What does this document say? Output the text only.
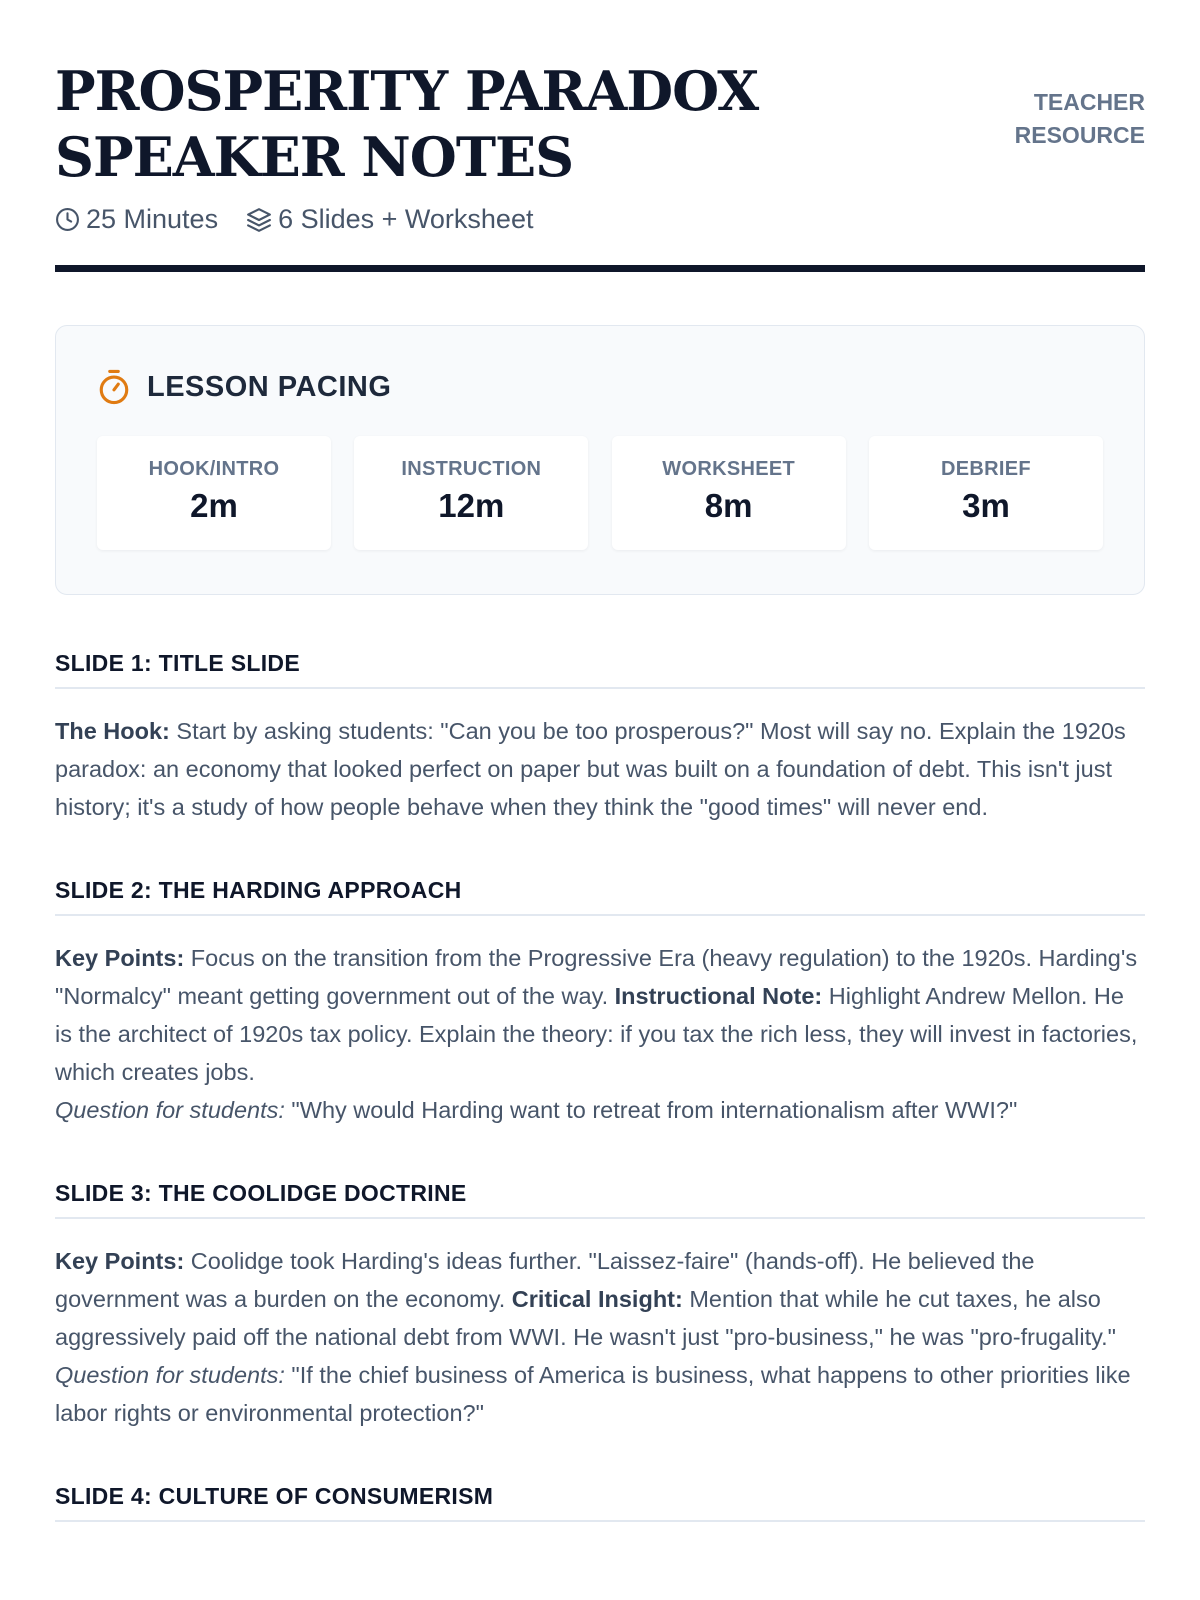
PROSPERITY PARADOX
SPEAKER NOTES
TEACHER
RESOURCE
25 Minutes 6 Slides + Worksheet
LESSON PACING
HOOK/INTRO
2m
INSTRUCTION
12m
WORKSHEET
8m
DEBRIEF
3m
SLIDE 1: TITLE SLIDE
The Hook: Start by asking students: "Can you be too prosperous?" Most will say no. Explain the 1920s paradox: an economy that looked perfect on paper but was built on a foundation of debt. This isn't just history; it's a study of how people behave when they think the "good times" will never end.
SLIDE 2: THE HARDING APPROACH
Key Points: Focus on the transition from the Progressive Era (heavy regulation) to the 1920s. Harding's "Normalcy" meant getting government out of the way. Instructional Note: Highlight Andrew Mellon. He is the architect of 1920s tax policy. Explain the theory: if you tax the rich less, they will invest in factories, which creates jobs.
Question for students: "Why would Harding want to retreat from internationalism after WWI?"
SLIDE 3: THE COOLIDGE DOCTRINE
Key Points: Coolidge took Harding's ideas further. "Laissez-faire" (hands-off). He believed the government was a burden on the economy. Critical Insight: Mention that while he cut taxes, he also aggressively paid off the national debt from WWI. He wasn't just "pro-business," he was "pro-frugality."
Question for students: "If the chief business of America is business, what happens to other priorities like labor rights or environmental protection?"
SLIDE 4: CULTURE OF CONSUMERISM
